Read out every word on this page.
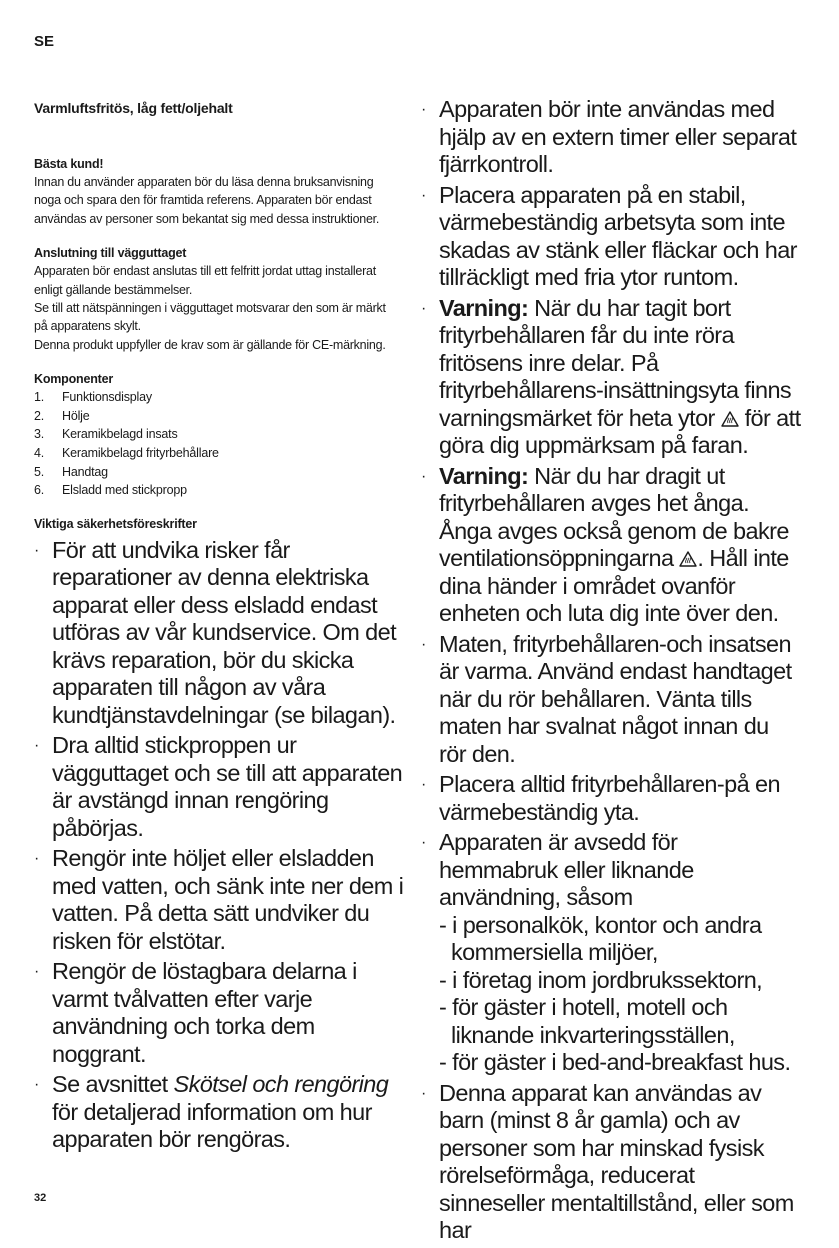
SE
Varmluftsfritös, låg fett/oljehalt

Bästa kund!

Innan du använder apparaten bör du läsa denna bruksanvisning noga och spara den för framtida referens. Apparaten bör endast användas av personer som bekantat sig med dessa instruktioner.

Anslutning till vägguttaget

Apparaten bör endast anslutas till ett felfritt jordat uttag installerat enligt gällande bestämmelser.

Se till att nätspänningen i vägguttaget motsvarar den som är märkt på apparatens skylt.

Denna produkt uppfyller de krav som är gällande för CE-märkning.

Komponenter

1.	Funktionsdisplay
2.	Hölje
3.	Keramikbelagd insats
4.	Keramikbelagd frityrbehållare
5.	Handtag
6.	Elsladd med stickpropp

Viktiga säkerhetsföreskrifter

· För att undvika risker får reparationer av denna elektriska apparat eller dess elsladd endast utföras av vår kundservice. Om det krävs reparation, bör du skicka apparaten till någon av våra kundtjänstavdelningar (se bilagan).
· Dra alltid stickproppen ur vägguttaget och se till att apparaten är avstängd innan rengöring påbörjas.
· Rengör inte höljet eller elsladden med vatten, och sänk inte ner dem i vatten. På detta sätt undviker du risken för elstötar.
· Rengör de löstagbara delarna i varmt tvålvatten efter varje användning och torka dem noggrant.
· Se avsnittet Skötsel och rengöring för detaljerad information om hur apparaten bör rengöras.
· Apparaten bör inte användas med hjälp av en extern timer eller separat fjärrkontroll.
· Placera apparaten på en stabil, värmebeständig arbetsyta som inte skadas av stänk eller fläckar och har tillräckligt med fria ytor runtom.
· Varning: När du har tagit bort frityrbehållaren får du inte röra fritösens inre delar. På frityrbehållarens-insättningsyta finns varningsmärket för heta ytor  för att göra dig uppmärksam på faran.
· Varning: När du har dragit ut frityrbehållaren avges het ånga. Ånga avges också genom de bakre ventilationsöppningarna . Håll inte dina händer i området ovanför enheten och luta dig inte över den.
· Maten, frityrbehållaren-och insatsen är varma. Använd endast handtaget när du rör behållaren. Vänta tills maten har svalnat något innan du rör den.
· Placera alltid frityrbehållaren-på en värmebeständig yta.
· Apparaten är avsedd för hemmabruk eller liknande användning, såsom
- i personalkök, kontor och andra kommersiella miljöer,
- i företag inom jordbrukssektorn,
- för gäster i hotell, motell och liknande inkvarteringsställen,
- för gäster i bed-and-breakfast hus.
· Denna apparat kan användas av barn (minst 8 år gamla) och av personer som har minskad fysisk rörelseförmåga, reducerat sinneseller mentaltillstånd, eller som har
32
